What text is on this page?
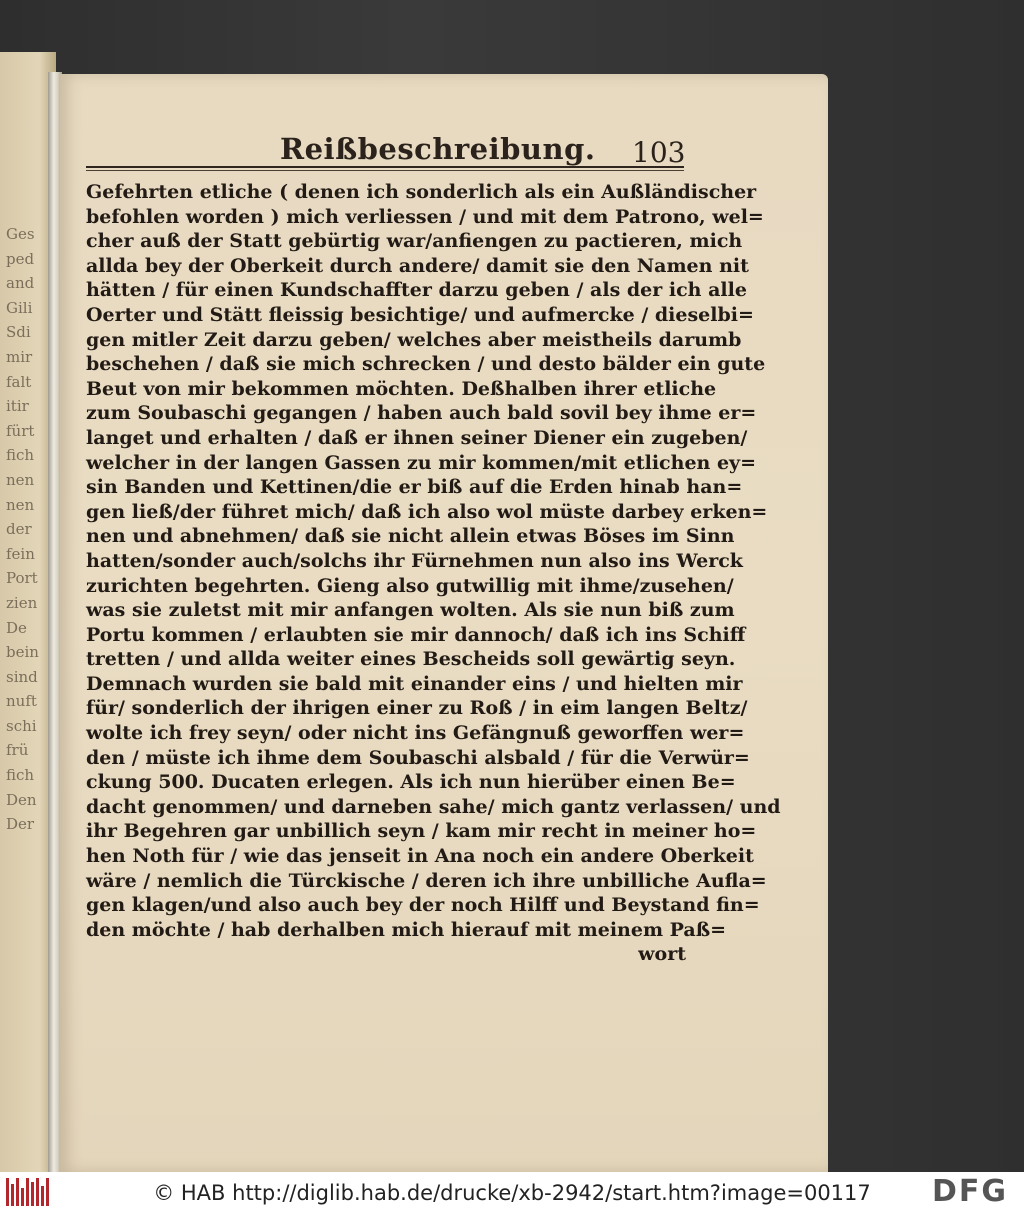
Ges
ped
and
Gili
Sdi
mir
falt
itir
fürt
fich
nen
nen
der
fein
Port
zien
De
bein
sind
nuft
schi
frü
fich
Den
Der
Reißbeschreibung. 103
Gefehrten etliche ( denen ich sonderlich als ein Außländischer
befohlen worden ) mich verliessen / und mit dem Patrono, wel=
cher auß der Statt gebürtig war/anfiengen zu pactieren, mich
allda bey der Oberkeit durch andere/ damit sie den Namen nit
hätten / für einen Kundschaffter darzu geben / als der ich alle
Oerter und Stätt fleissig besichtige/ und aufmercke / dieselbi=
gen mitler Zeit darzu geben/ welches aber meistheils darumb
beschehen / daß sie mich schrecken / und desto bälder ein gute
Beut von mir bekommen möchten. Deßhalben ihrer etliche
zum Soubaschi gegangen / haben auch bald sovil bey ihme er=
langet und erhalten / daß er ihnen seiner Diener ein zugeben/
welcher in der langen Gassen zu mir kommen/mit etlichen ey=
sin Banden und Kettinen/die er biß auf die Erden hinab han=
gen ließ/der führet mich/ daß ich also wol müste darbey erken=
nen und abnehmen/ daß sie nicht allein etwas Böses im Sinn
hatten/sonder auch/solchs ihr Fürnehmen nun also ins Werck
zurichten begehrten. Gieng also gutwillig mit ihme/zusehen/
was sie zuletst mit mir anfangen wolten. Als sie nun biß zum
Portu kommen / erlaubten sie mir dannoch/ daß ich ins Schiff
tretten / und allda weiter eines Bescheids soll gewärtig seyn.
Demnach wurden sie bald mit einander eins / und hielten mir
für/ sonderlich der ihrigen einer zu Roß / in eim langen Beltz/
wolte ich frey seyn/ oder nicht ins Gefängnuß geworffen wer=
den / müste ich ihme dem Soubaschi alsbald / für die Verwür=
ckung 500. Ducaten erlegen. Als ich nun hierüber einen Be=
dacht genommen/ und darneben sahe/ mich gantz verlassen/ und
ihr Begehren gar unbillich seyn / kam mir recht in meiner ho=
hen Noth für / wie das jenseit in Ana noch ein andere Oberkeit
wäre / nemlich die Türckische / deren ich ihre unbilliche Aufla=
gen klagen/und also auch bey der noch Hilff und Beystand fin=
den möchte / hab derhalben mich hierauf mit meinem Paß=
wort
© HAB http://diglib.hab.de/drucke/xb-2942/start.htm?image=00117	DFG
